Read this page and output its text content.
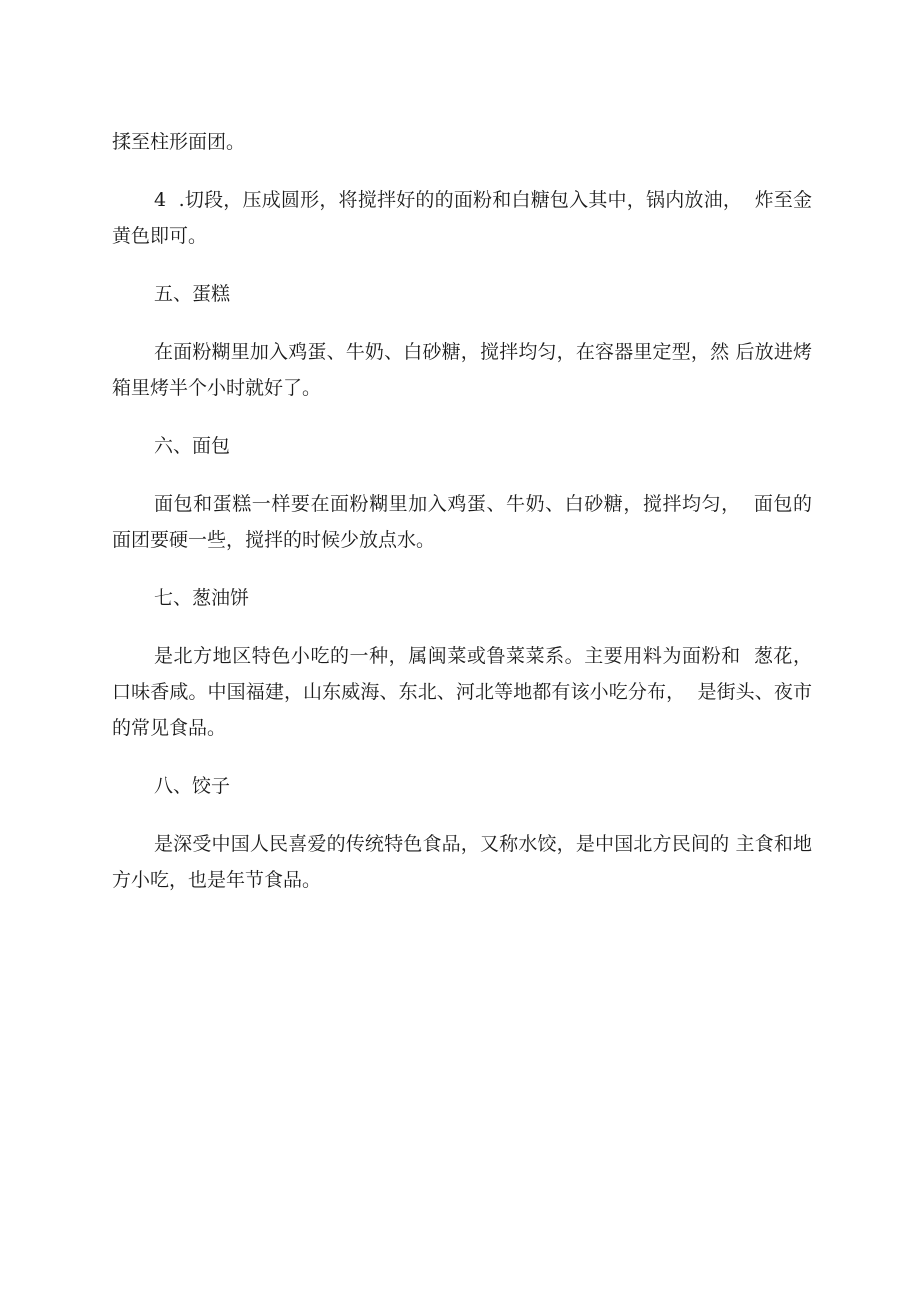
揉至柱形面团。

4  .切段，压成圆形，将搅拌好的的面粉和白糖包入其中，锅内放油，  炸至金黄色即可。

五、蛋糕

在面粉糊里加入鸡蛋、牛奶、白砂糖，搅拌均匀，在容器里定型，然 后放进烤箱里烤半个小时就好了。

六、面包

面包和蛋糕一样要在面粉糊里加入鸡蛋、牛奶、白砂糖，搅拌均匀，  面包的面团要硬一些，搅拌的时候少放点水。

七、葱油饼

是北方地区特色小吃的一种，属闽菜或鲁菜菜系。主要用料为面粉和  葱花，口味香咸。中国福建，山东威海、东北、河北等地都有该小吃分布，  是街头、夜市的常见食品。

八、饺子

是深受中国人民喜爱的传统特色食品，又称水饺，是中国北方民间的 主食和地方小吃，也是年节食品。
